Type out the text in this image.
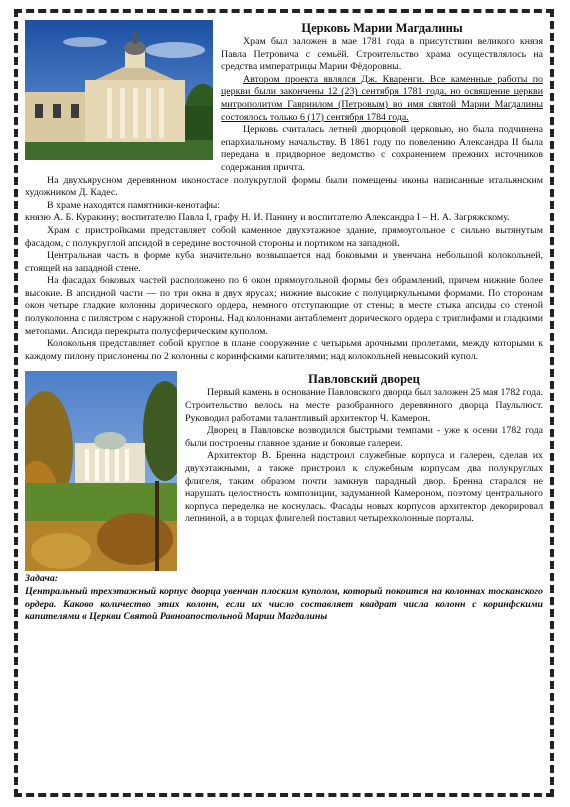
Церковь Марии Магдалины

Храм был заложен в мае 1781 года в присутствии великого князя Павла Петровича с семьёй. Строительство храма осуществлялось на средства императрицы Марии Фёдоровны.

Автором проекта являлся Дж. Кваренги. Все каменные работы по церкви были закончены 12 (23) сентября 1781 года, но освящение церкви митрополитом Гавриилом (Петровым) во имя святой Марии Магдалины состоялось только 6 (17) сентября 1784 года.

Церковь считалась летней дворцовой церковью, но была подчинена епархиальному начальству. В 1861 году по повелению Александра II была передана в придворное ведомство с сохранением прежних источников содержания причта.

На двухъярусном деревянном иконостасе полукруглой формы были помещены иконы написанные итальянским художником Д. Кадес.

В храме находятся памятники-кенотафы:

князю А. Б. Куракину; воспитателю Павла I, графу Н. И. Панину и воспитателю Александра I – Н. А. Загряжскому.

Храм с пристройками представляет собой каменное двухэтажное здание, прямоугольное с сильно вытянутым фасадом, с полукруглой апсидой в середине восточной стороны и портиком на западной.

Центральная часть в форме куба значительно возвышается над боковыми и увенчана небольшой колокольней, стоящей на западной стене.

На фасадах боковых частей расположено по 6 окон прямоугольной формы без обрамлений, причем нижние более высокие. В апсидной части — по три окна в двух ярусах; нижние высокие с полуциркульными формами. По сторонам окон четыре гладкие колонны дорического ордера, немного отступающие от стены; в месте стыка апсиды со стеной полуколонна с пилястром с наружной стороны. Над колоннами антаблемент дорического ордера с триглифами и гладкими метопами. Апсида перекрыта полусферическим куполом.

Колокольня представляет собой круглое в плане сооружение с четырьмя арочными пролетами, между которыми к каждому пилону прислонены по 2 колонны с коринфскими капителями; над колокольней невысокий купол.

Павловский дворец

Первый камень в основание Павловского дворца был заложен 25 мая 1782 года. Строительство велось на месте разобранного деревянного дворца Паульлюст. Руководил работами талантливый архитектор Ч. Камерон.

Дворец в Павловске возводился быстрыми темпами - уже к осени 1782 года были построены главное здание и боковые галереи.

Архитектор В. Бренна надстроил служебные корпуса и галереи, сделав их двухэтажными, а также пристроил к служебным корпусам два полукруглых флигеля, таким образом почти замкнув парадный двор. Бренна старался не нарушать целостность композиции, задуманной Камероном, поэтому центрального корпуса переделка не коснулась. Фасады новых корпусов архитектор декорировал лепниной, а в торцах флигелей поставил четырехколонные порталы.

Задача:

Центральный трехэтажный корпус дворца увенчан плоским куполом, который покоится на колоннах тосканского ордера. Каково количество этих колонн, если их число составляет квадрат числа колонн с коринфскими капителями в Церкви Святой Равноапостольной Марии Магдалины
